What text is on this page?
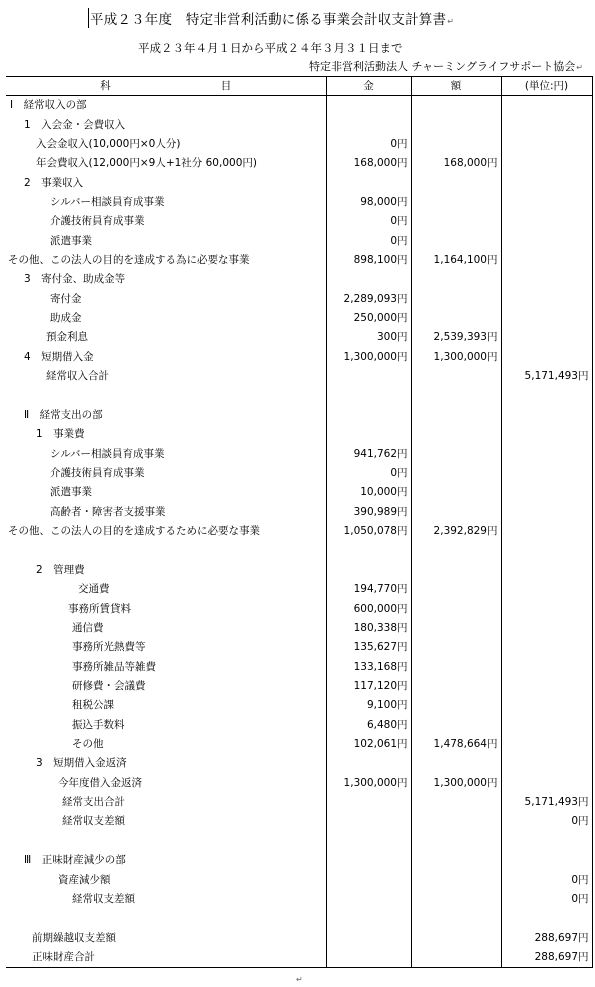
平成２３年度　特定非営利活動に係る事業会計収支計算書↵
平成２３年４月１日から平成２４年３月３１日まで
特定非営利活動法人 チャーミングライフサポート協会↵
科 目	金	額	(単位:円)
Ⅰ　経常収入の部			
1　入会金・会費収入			
入会金収入(10,000円×0人分)	0円		
年会費収入(12,000円×9人+1社分 60,000円)	168,000円	168,000円	
2　事業収入			
シルバー相談員育成事業	98,000円		
介護技術員育成事業	0円		
派遣事業	0円		
その他、この法人の目的を達成する為に必要な事業	898,100円	1,164,100円	
3　寄付金、助成金等			
寄付金	2,289,093円		
助成金	250,000円		
預金利息	300円	2,539,393円	
4　短期借入金	1,300,000円	1,300,000円	
経常収入合計			5,171,493円

Ⅱ　経常支出の部			
1　事業費			
シルバー相談員育成事業	941,762円		
介護技術員育成事業	0円		
派遣事業	10,000円		
高齢者・障害者支援事業	390,989円		
その他、この法人の目的を達成するために必要な事業	1,050,078円	2,392,829円	

2　管理費			
交通費	194,770円		
事務所賃貸料	600,000円		
通信費	180,338円		
事務所光熱費等	135,627円		
事務所雑品等雑費	133,168円		
研修費・会議費	117,120円		
租税公課	9,100円		
振込手数料	6,480円		
その他	102,061円	1,478,664円	
3　短期借入金返済			
今年度借入金返済	1,300,000円	1,300,000円	
経常支出合計			5,171,493円
経常収支差額			0円

Ⅲ　正味財産減少の部			
資産減少額			0円
経常収支差額			0円

前期繰越収支差額			288,697円
正味財産合計			288,697円
↵
